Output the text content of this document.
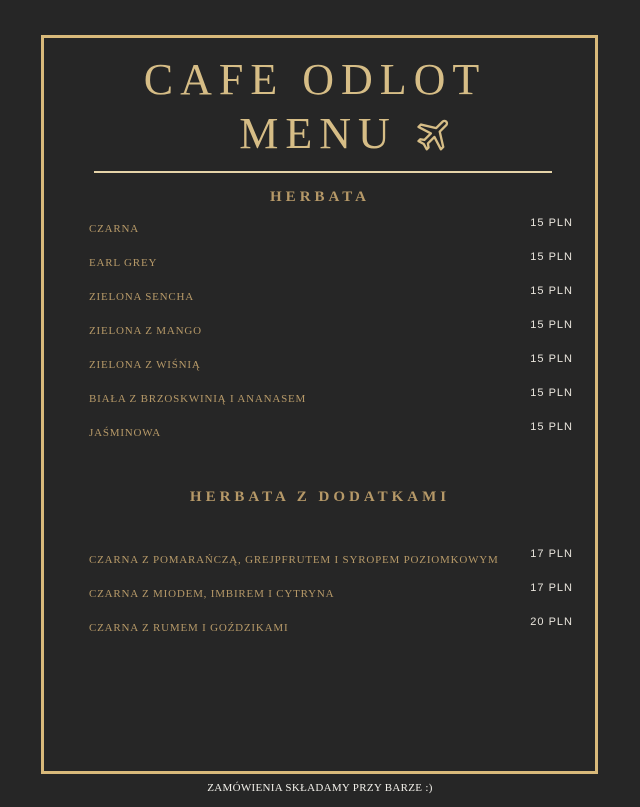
CAFE ODLOT
MENU
HERBATA
CZARNA	15 PLN
EARL GREY	15 PLN
ZIELONA SENCHA	15 PLN
ZIELONA Z MANGO	15 PLN
ZIELONA Z WIŚNIĄ	15 PLN
BIAŁA Z BRZOSKWINIĄ I ANANASEM	15 PLN
JAŚMINOWA	15 PLN
HERBATA Z DODATKAMI
CZARNA Z POMARAŃCZĄ, GREJPFRUTEM I SYROPEM POZIOMKOWYM	17 PLN
CZARNA Z MIODEM, IMBIREM I CYTRYNA	17 PLN
CZARNA Z RUMEM I GOŹDZIKAMI	20 PLN
ZAMÓWIENIA SKŁADAMY PRZY BARZE :)
